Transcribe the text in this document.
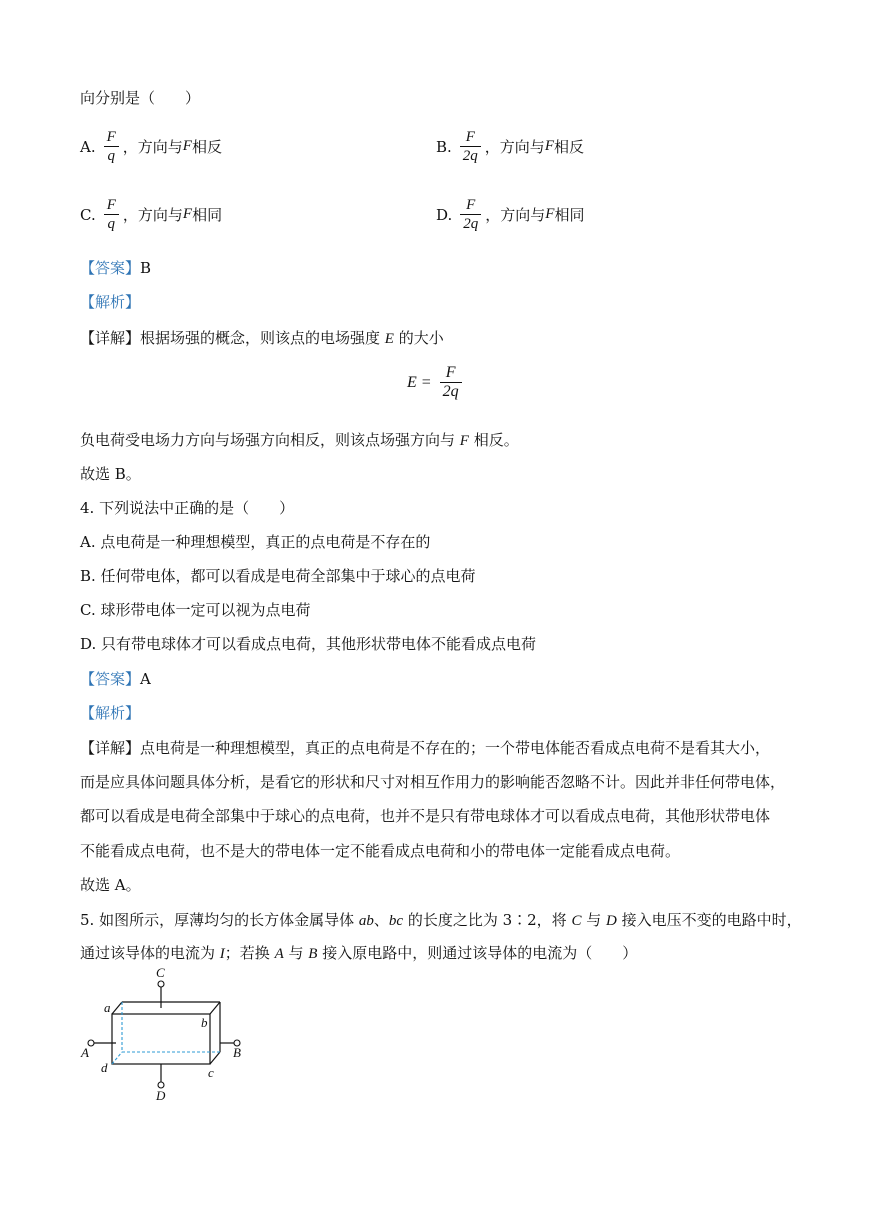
向分别是（　　）
A. $\frac{F}{q}$ ，方向与 F 相反	B. $\frac{F}{2q}$ ，方向与 F 相反
C. $\frac{F}{q}$ ，方向与 F 相同	D. $\frac{F}{2q}$ ，方向与 F 相同
【答案】B
【解析】
【详解】根据场强的概念，则该点的电场强度 E 的大小
$E = \frac{F}{2q}$
负电荷受电场力方向与场强方向相反，则该点场强方向与 F 相反。
故选 B。
4. 下列说法中正确的是（　　）
A. 点电荷是一种理想模型，真正的点电荷是不存在的
B. 任何带电体，都可以看成是电荷全部集中于球心的点电荷
C. 球形带电体一定可以视为点电荷
D. 只有带电球体才可以看成点电荷，其他形状带电体不能看成点电荷
【答案】A
【解析】
【详解】点电荷是一种理想模型，真正的点电荷是不存在的；一个带电体能否看成点电荷不是看其大小，
而是应具体问题具体分析，是看它的形状和尺寸对相互作用力的影响能否忽略不计。因此并非任何带电体，
都可以看成是电荷全部集中于球心的点电荷，也并不是只有带电球体才可以看成点电荷，其他形状带电体
不能看成点电荷，也不是大的带电体一定不能看成点电荷和小的带电体一定能看成点电荷。
故选 A。
5. 如图所示，厚薄均匀的长方体金属导体 ab、bc 的长度之比为 3∶2，将 C 与 D 接入电压不变的电路中时，
通过该导体的电流为 I；若换 A 与 B 接入原电路中，则通过该导体的电流为（　　）
C
D
A	B
a
b
c
d
